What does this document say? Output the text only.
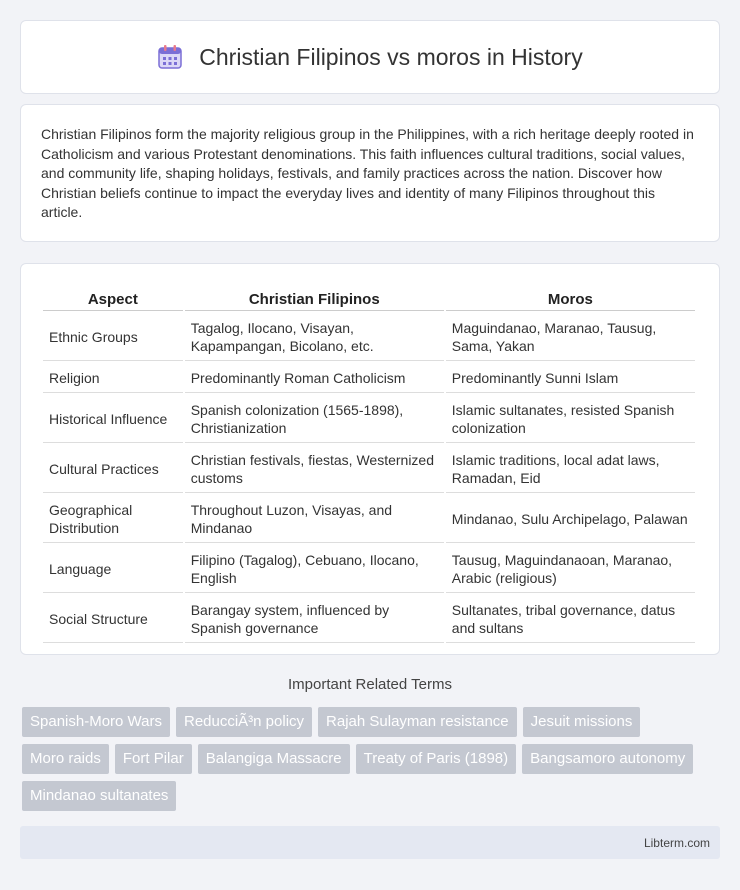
Christian Filipinos vs moros in History

Christian Filipinos form the majority religious group in the Philippines, with a rich heritage deeply rooted in Catholicism and various Protestant denominations. This faith influences cultural traditions, social values, and community life, shaping holidays, festivals, and family practices across the nation. Discover how Christian beliefs continue to impact the everyday lives and identity of many Filipinos throughout this article.

Aspect	Christian Filipinos	Moros
Ethnic Groups	Tagalog, Ilocano, Visayan, Kapampangan, Bicolano, etc.	Maguindanao, Maranao, Tausug, Sama, Yakan
Religion	Predominantly Roman Catholicism	Predominantly Sunni Islam
Historical Influence	Spanish colonization (1565-1898), Christianization	Islamic sultanates, resisted Spanish colonization
Cultural Practices	Christian festivals, fiestas, Westernized customs	Islamic traditions, local adat laws, Ramadan, Eid
Geographical Distribution	Throughout Luzon, Visayas, and Mindanao	Mindanao, Sulu Archipelago, Palawan
Language	Filipino (Tagalog), Cebuano, Ilocano, English	Tausug, Maguindanaoan, Maranao, Arabic (religious)
Social Structure	Barangay system, influenced by Spanish governance	Sultanates, tribal governance, datus and sultans
Important Related Terms
Spanish-Moro Wars	ReducciÃ³n policy	Rajah Sulayman resistance	Jesuit missions
Moro raids	Fort Pilar	Balangiga Massacre	Treaty of Paris (1898)	Bangsamoro autonomy
Mindanao sultanates
Libterm.com
